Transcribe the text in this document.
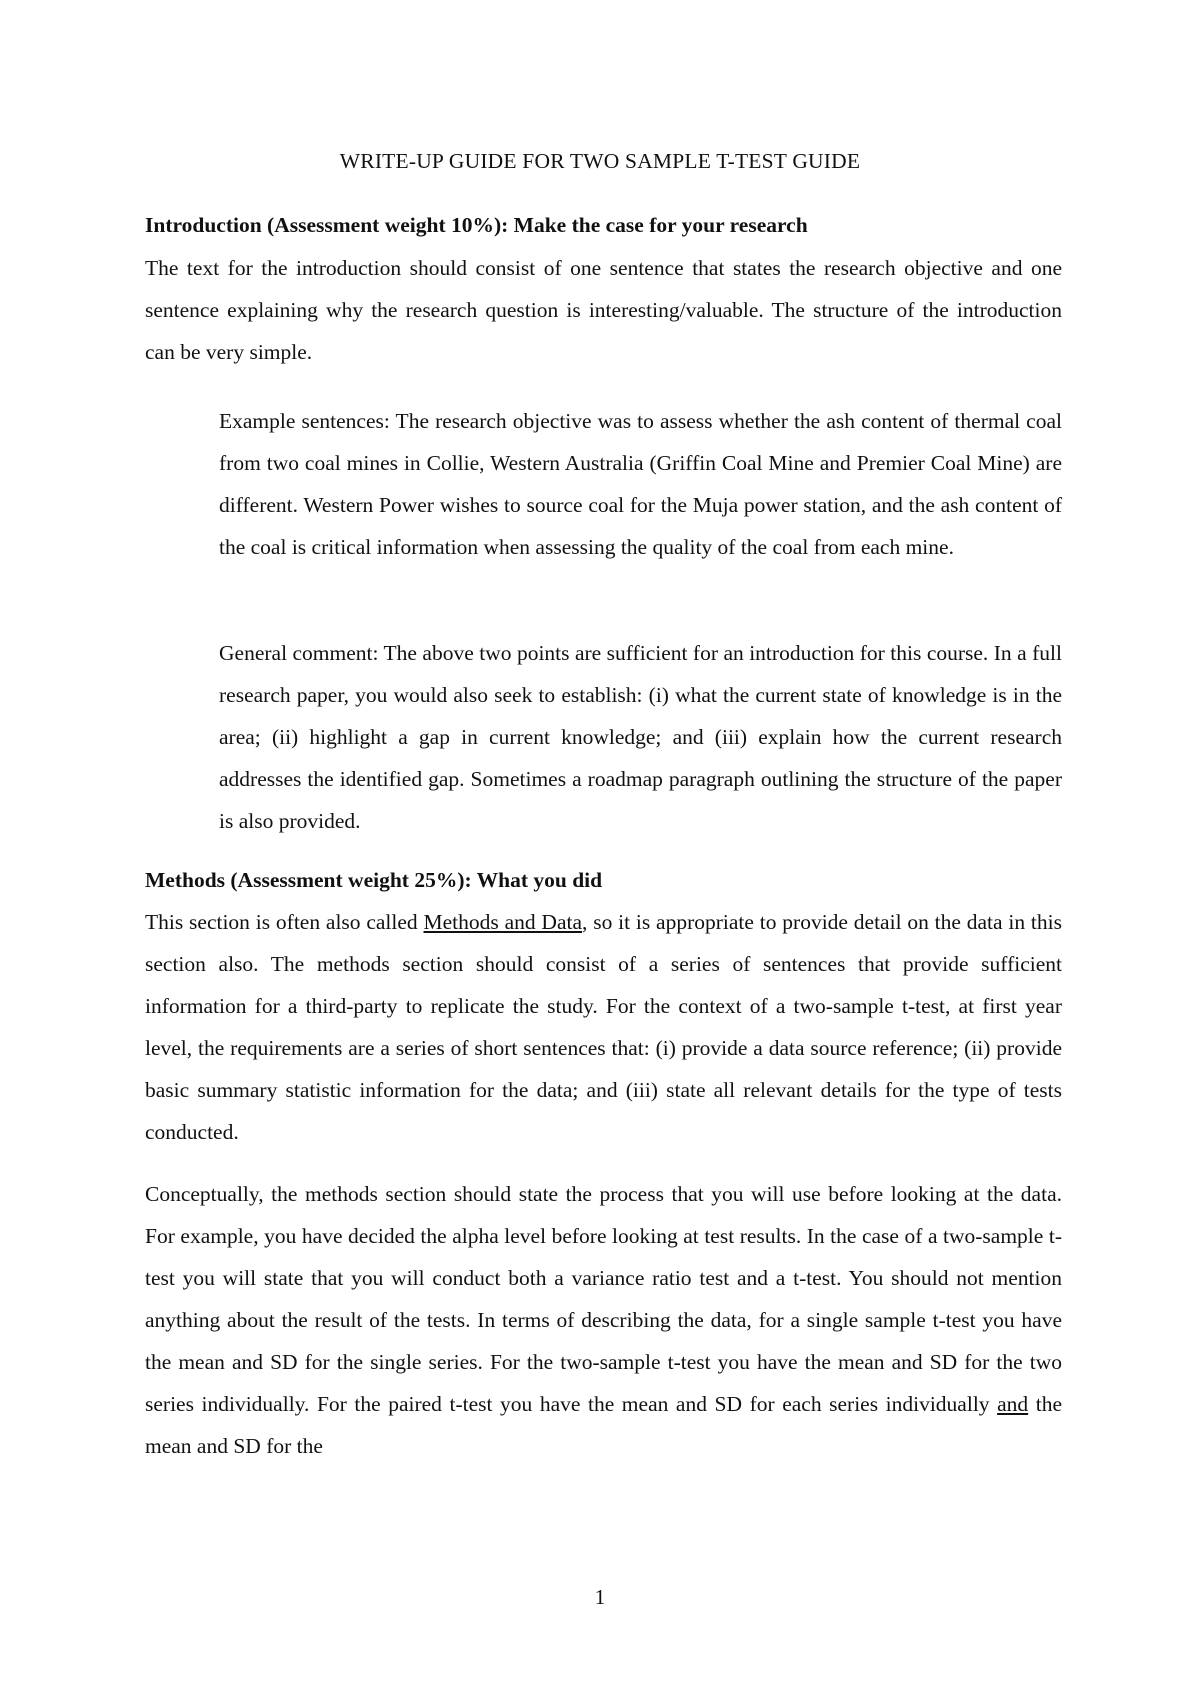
WRITE-UP GUIDE FOR TWO SAMPLE T-TEST GUIDE
Introduction (Assessment weight 10%): Make the case for your research

The text for the introduction should consist of one sentence that states the research objective and one sentence explaining why the research question is interesting/valuable. The structure of the introduction can be very simple.

Example sentences: The research objective was to assess whether the ash content of thermal coal from two coal mines in Collie, Western Australia (Griffin Coal Mine and Premier Coal Mine) are different. Western Power wishes to source coal for the Muja power station, and the ash content of the coal is critical information when assessing the quality of the coal from each mine.

General comment: The above two points are sufficient for an introduction for this course. In a full research paper, you would also seek to establish: (i) what the current state of knowledge is in the area; (ii) highlight a gap in current knowledge; and (iii) explain how the current research addresses the identified gap. Sometimes a roadmap paragraph outlining the structure of the paper is also provided.

Methods (Assessment weight 25%): What you did

This section is often also called Methods and Data, so it is appropriate to provide detail on the data in this section also. The methods section should consist of a series of sentences that provide sufficient information for a third-party to replicate the study. For the context of a two-sample t-test, at first year level, the requirements are a series of short sentences that: (i) provide a data source reference; (ii) provide basic summary statistic information for the data; and (iii) state all relevant details for the type of tests conducted.

Conceptually, the methods section should state the process that you will use before looking at the data. For example, you have decided the alpha level before looking at test results. In the case of a two-sample t-test you will state that you will conduct both a variance ratio test and a t-test. You should not mention anything about the result of the tests. In terms of describing the data, for a single sample t-test you have the mean and SD for the single series. For the two-sample t-test you have the mean and SD for the two series individually. For the paired t-test you have the mean and SD for each series individually and the mean and SD for the

1
